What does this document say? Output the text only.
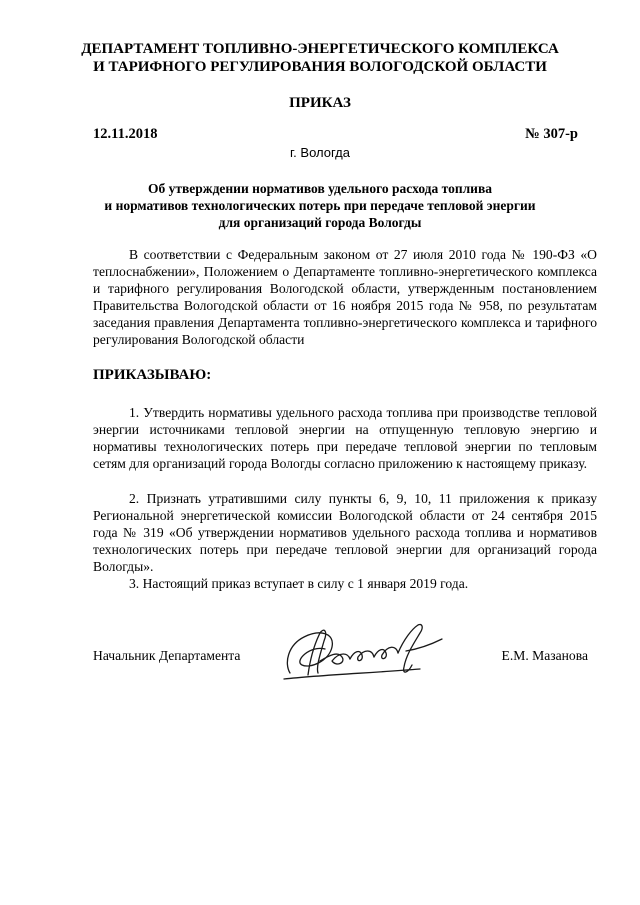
ДЕПАРТАМЕНТ ТОПЛИВНО-ЭНЕРГЕТИЧЕСКОГО КОМПЛЕКСА
И ТАРИФНОГО РЕГУЛИРОВАНИЯ ВОЛОГОДСКОЙ ОБЛАСТИ
ПРИКАЗ
12.11.2018	№ 307-р
г. Вологда
Об утверждении нормативов удельного расхода топлива
и нормативов технологических потерь при передаче тепловой энергии
для организаций города Вологды

В соответствии с Федеральным законом от 27 июля 2010 года № 190-ФЗ «О теплоснабжении», Положением о Департаменте топливно-энергетического комплекса и тарифного регулирования Вологодской области, утвержденным постановлением Правительства Вологодской области от 16 ноября 2015 года № 958, по результатам заседания правления Департамента топливно-энергетического комплекса и тарифного регулирования Вологодской области

ПРИКАЗЫВАЮ:

1. Утвердить нормативы удельного расхода топлива при производстве тепловой энергии источниками тепловой энергии на отпущенную тепловую энергию и нормативы технологических потерь при передаче тепловой энергии по тепловым сетям для организаций города Вологды согласно приложению к настоящему приказу.

2. Признать утратившими силу пункты 6, 9, 10, 11 приложения к приказу Региональной энергетической комиссии Вологодской области от 24 сентября 2015 года № 319 «Об утверждении нормативов удельного расхода топлива и нормативов технологических потерь при передаче тепловой энергии для организаций города Вологды».

3. Настоящий приказ вступает в силу с 1 января 2019 года.

Начальник Департамента	Е.М. Мазанова
